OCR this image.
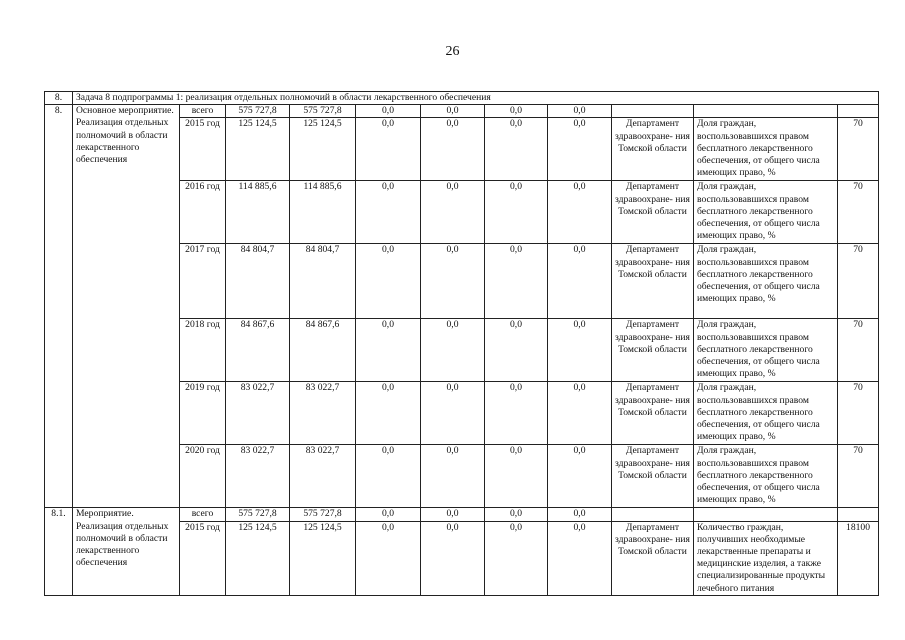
26
8.	Задача 8 подпрограммы 1: реализация отдельных полномочий в области лекарственного обеспечения										
8.	Основное мероприятие. Реализация отдельных полномочий в области лекарственного обеспечения	всего	575 727,8	575 727,8	0,0	0,0	0,0	0,0			
		2015 год	125 124,5	125 124,5	0,0	0,0	0,0	0,0	Департамент здравоохране- ния Томской области	Доля граждан, воспользовавшихся правом бесплатного лекарственного обеспечения, от общего числа имеющих право, %	70
		2016 год	114 885,6	114 885,6	0,0	0,0	0,0	0,0	Департамент здравоохране- ния Томской области	Доля граждан, воспользовавшихся правом бесплатного лекарственного обеспечения, от общего числа имеющих право, %	70
		2017 год	84 804,7	84 804,7	0,0	0,0	0,0	0,0	Департамент здравоохране- ния Томской области	Доля граждан, воспользовавшихся правом бесплатного лекарственного обеспечения, от общего числа имеющих право, %	70
		2018 год	84 867,6	84 867,6	0,0	0,0	0,0	0,0	Департамент здравоохране- ния Томской области	Доля граждан, воспользовавшихся правом бесплатного лекарственного обеспечения, от общего числа имеющих право, %	70
		2019 год	83 022,7	83 022,7	0,0	0,0	0,0	0,0	Департамент здравоохране- ния Томской области	Доля граждан, воспользовавшихся правом бесплатного лекарственного обеспечения, от общего числа имеющих право, %	70
		2020 год	83 022,7	83 022,7	0,0	0,0	0,0	0,0	Департамент здравоохране- ния Томской области	Доля граждан, воспользовавшихся правом бесплатного лекарственного обеспечения, от общего числа имеющих право, %	70
8.1.	Мероприятие. Реализация отдельных полномочий в области лекарственного обеспечения	всего	575 727,8	575 727,8	0,0	0,0	0,0	0,0			
		2015 год	125 124,5	125 124,5	0,0	0,0	0,0	0,0	Департамент здравоохране- ния Томской области	Количество граждан, получивших необходимые лекарственные препараты и медицинские изделия, а также специализированные продукты лечебного питания	18100
